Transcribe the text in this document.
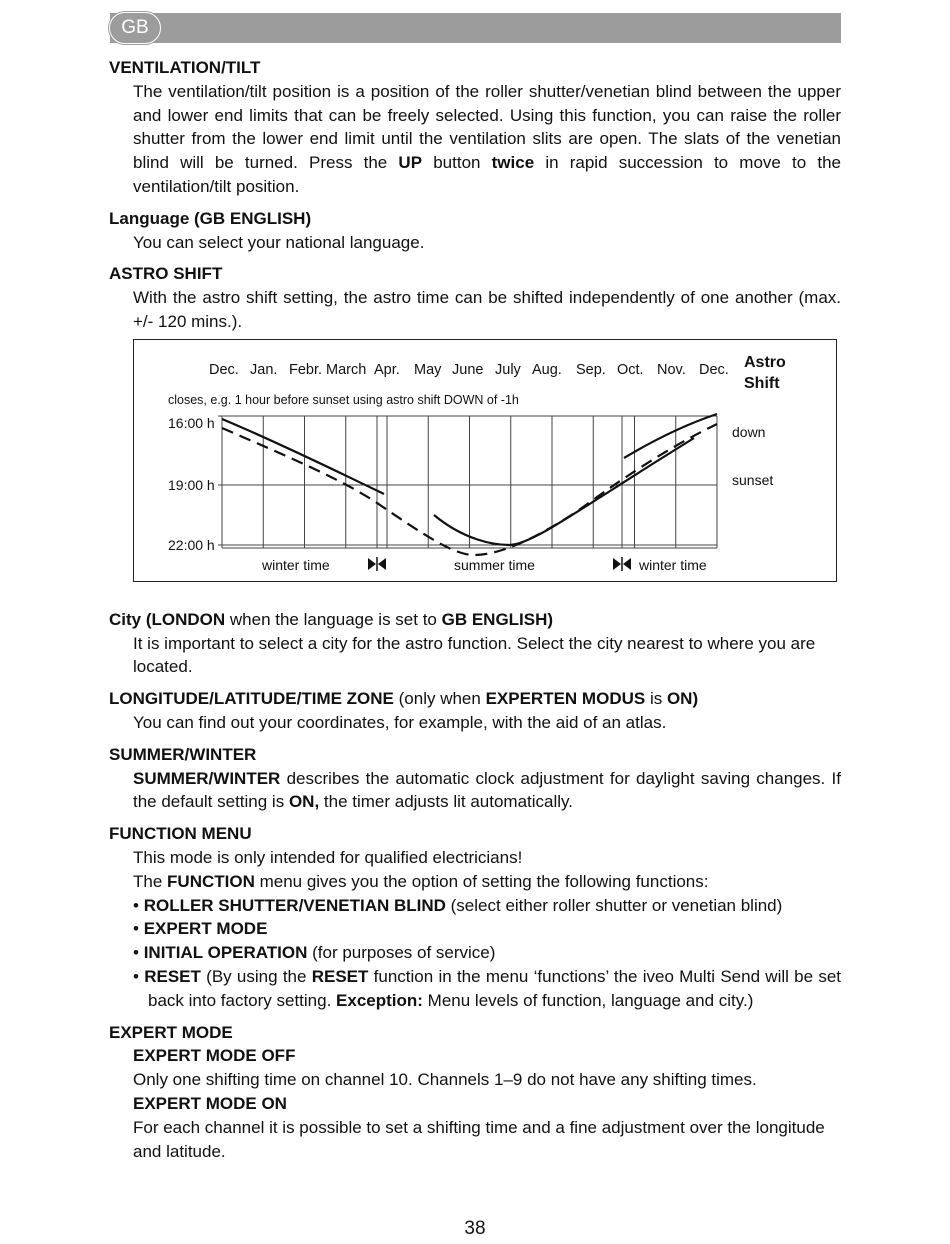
GB

VENTILATION/TILT

The ventilation/tilt position is a position of the roller shutter/venetian blind between the upper and lower end limits that can be freely selected. Using this function, you can raise the roller shutter from the lower end limit until the ventilation slits are open. The slats of the venetian blind will be turned. Press the UP button twice in rapid succession to move to the ventilation/tilt position.

Language (GB ENGLISH)

You can select your national language.

ASTRO SHIFT

With the astro shift setting, the astro time can be shifted independently of one another (max. +/- 120 mins.).

Dec. Jan. Febr. March Apr. May June July Aug. Sep. Oct. Nov. Dec. Astro
Shift
closes, e.g. 1 hour before sunset using astro shift DOWN of -1h
16:00 h
19:00 h
22:00 h
down
sunset
winter time	summer time	winter time

City (LONDON when the language is set to GB ENGLISH)

It is important to select a city for the astro function. Select the city nearest to where you are located.

LONGITUDE/LATITUDE/TIME ZONE (only when EXPERTEN MODUS is ON)

You can find out your coordinates, for example, with the aid of an atlas.

SUMMER/WINTER

SUMMER/WINTER describes the automatic clock adjustment for daylight saving changes. If the default setting is ON, the timer adjusts lit automatically.

FUNCTION MENU

This mode is only intended for qualified electricians!

The FUNCTION menu gives you the option of setting the following functions:

• ROLLER SHUTTER/VENETIAN BLIND (select either roller shutter or venetian blind)

• EXPERT MODE

• INITIAL OPERATION (for purposes of service)

• RESET (By using the RESET function in the menu ‘functions’ the iveo Multi Send will be set back into factory setting. Exception: Menu levels of function, language and city.)

EXPERT MODE

EXPERT MODE OFF

Only one shifting time on channel 10. Channels 1–9 do not have any shifting times.

EXPERT MODE ON

For each channel it is possible to set a shifting time and a fine adjustment over the longitude and latitude.

38
